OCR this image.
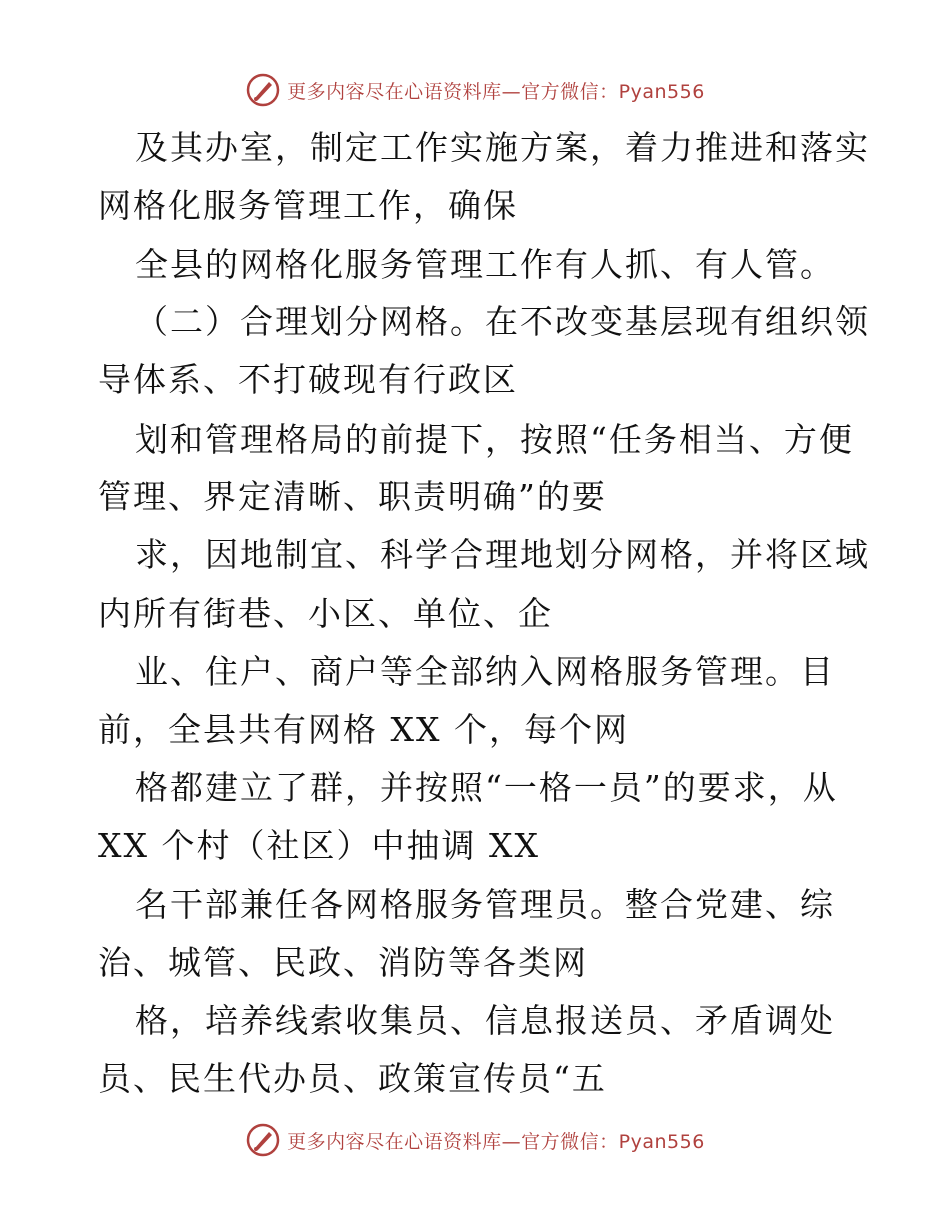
更多内容尽在心语资料库—官方微信：Pyan556
及其办室，制定工作实施方案，着力推进和落实
网格化服务管理工作，确保
全县的网格化服务管理工作有人抓、有人管。
（二）合理划分网格。在不改变基层现有组织领
导体系、不打破现有行政区
划和管理格局的前提下，按照“任务相当、方便
管理、界定清晰、职责明确”的要
求，因地制宜、科学合理地划分网格，并将区域
内所有街巷、小区、单位、企
业、住户、商户等全部纳入网格服务管理。目
前，全县共有网格 XX 个，每个网
格都建立了群，并按照“一格一员”的要求，从
XX 个村（社区）中抽调 XX
名干部兼任各网格服务管理员。整合党建、综
治、城管、民政、消防等各类网
格，培养线索收集员、信息报送员、矛盾调处
员、民生代办员、政策宣传员“五
更多内容尽在心语资料库—官方微信：Pyan556
